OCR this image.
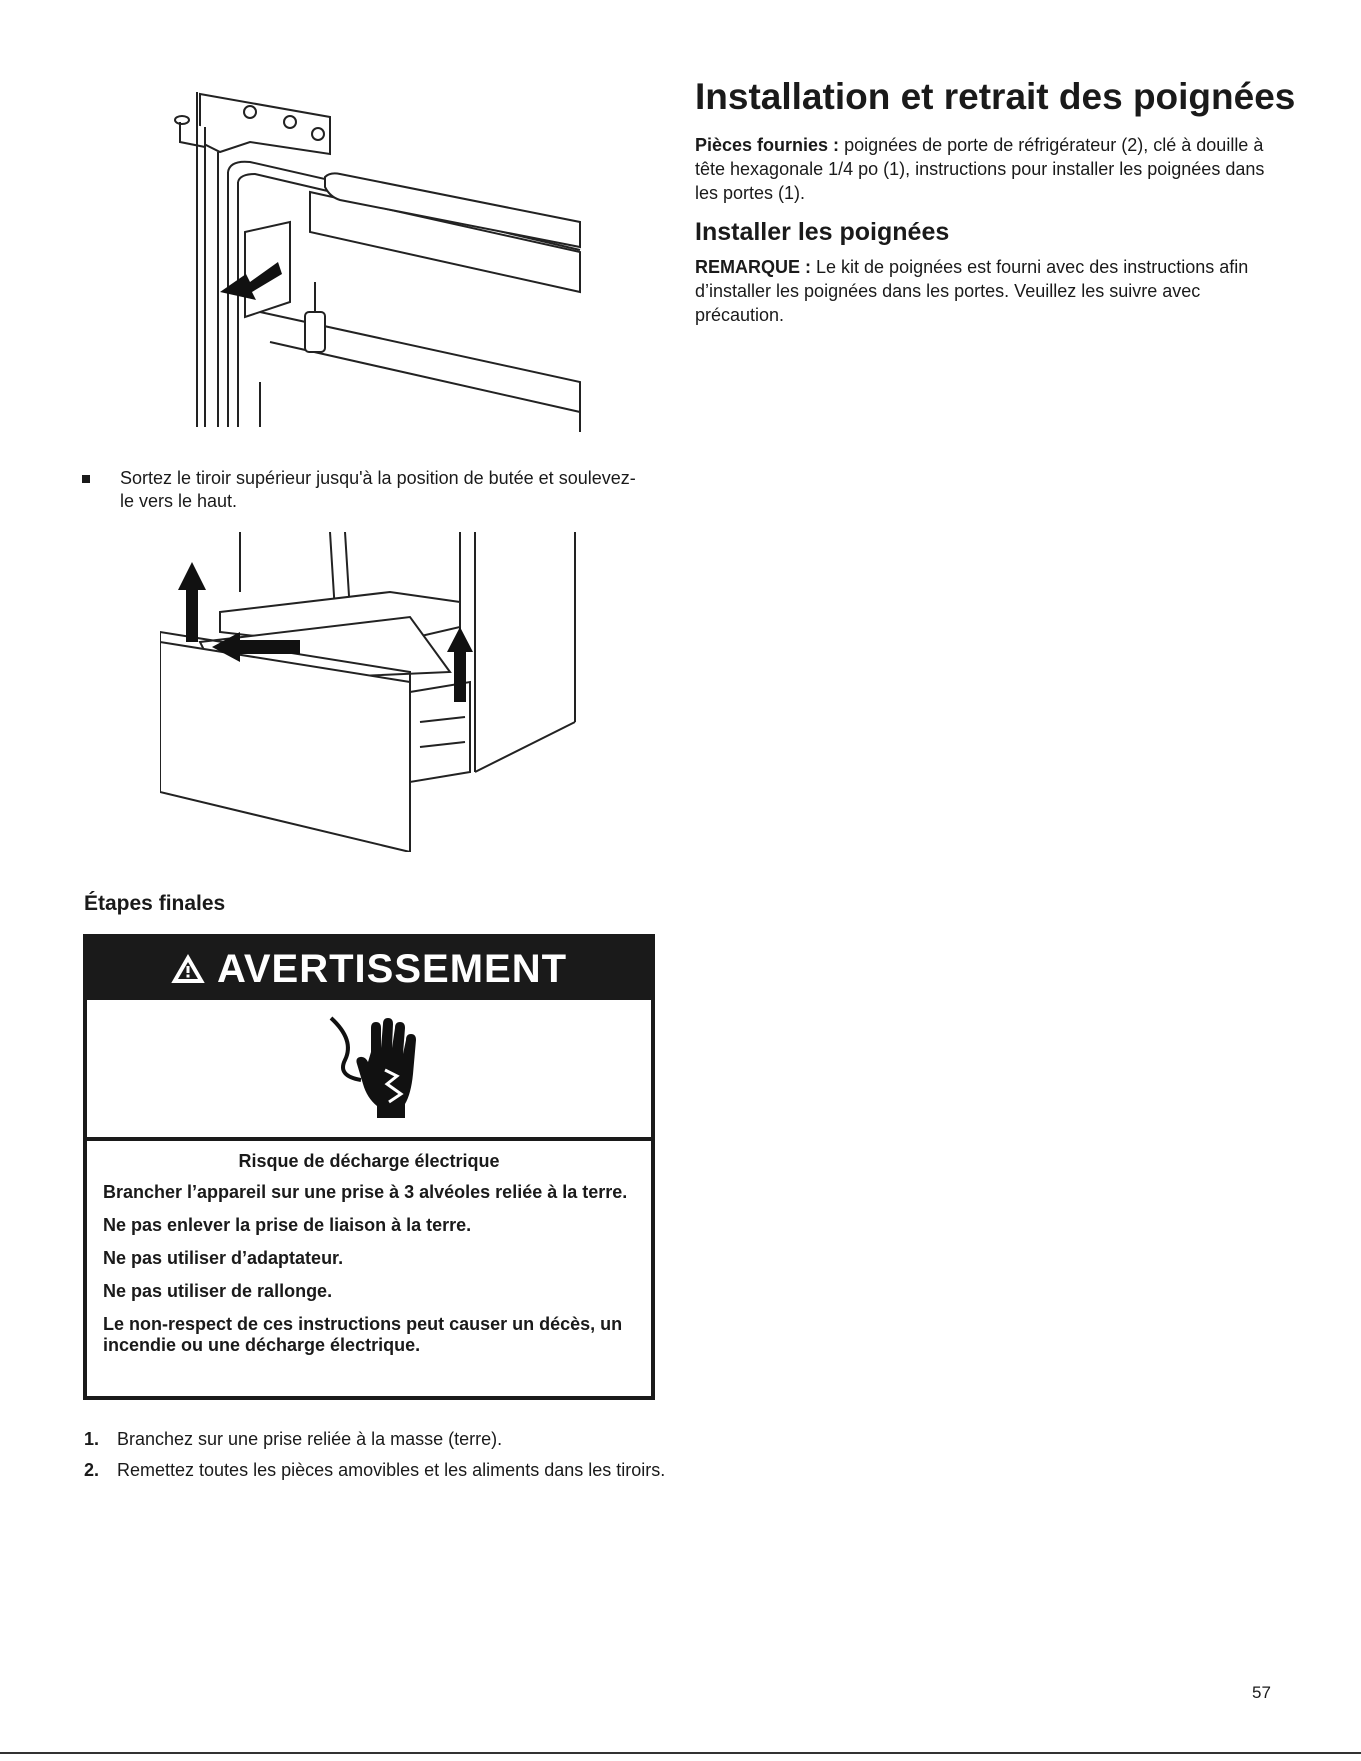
Sortez le tiroir supérieur jusqu'à la position de butée et soulevez-le vers le haut.
Étapes finales
AVERTISSEMENT
Risque de décharge électrique

Brancher l’appareil sur une prise à 3 alvéoles reliée à la terre.

Ne pas enlever la prise de liaison à la terre.

Ne pas utiliser d’adaptateur.

Ne pas utiliser de rallonge.

Le non-respect de ces instructions peut causer un décès, un incendie ou une décharge électrique.

1. Branchez sur une prise reliée à la masse (terre).
2. Remettez toutes les pièces amovibles et les aliments dans les tiroirs.
Installation et retrait des poignées

Pièces fournies : poignées de porte de réfrigérateur (2), clé à douille à tête hexagonale 1/4 po (1), instructions pour installer les poignées dans les portes (1).

Installer les poignées

REMARQUE : Le kit de poignées est fourni avec des instructions afin d’installer les poignées dans les portes. Veuillez les suivre avec précaution.

57
